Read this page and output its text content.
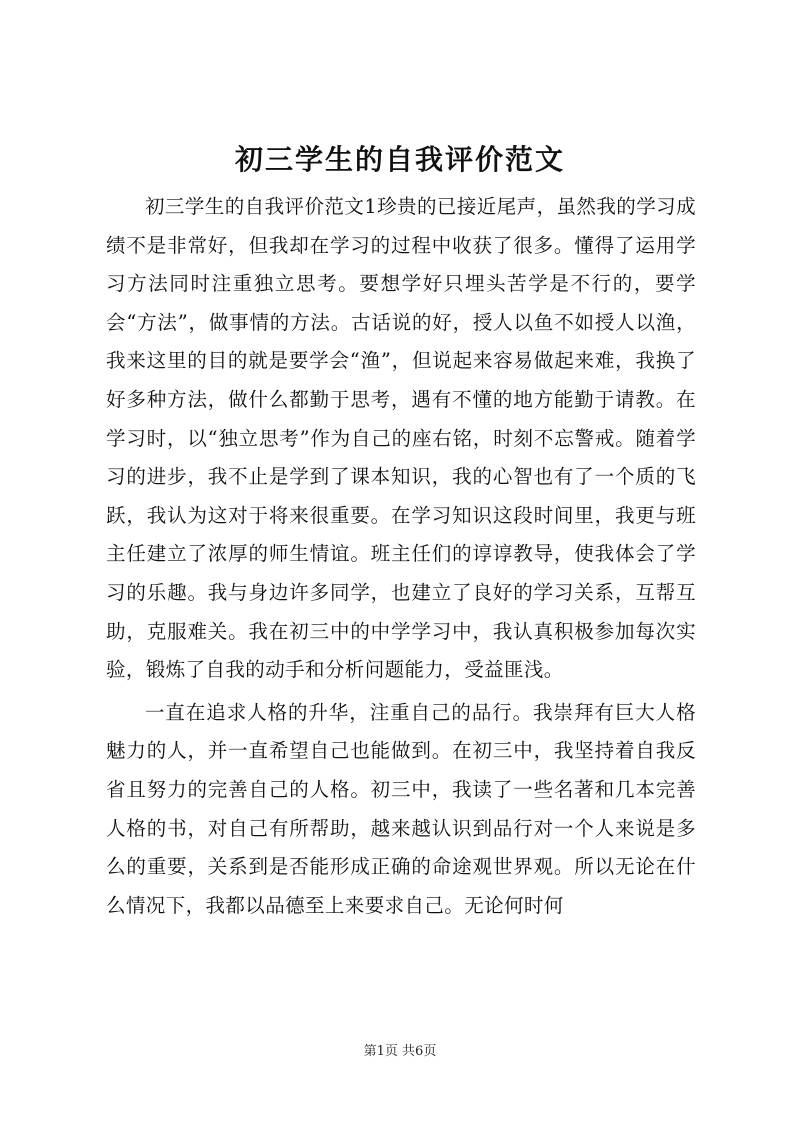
初三学生的自我评价范文

初三学生的自我评价范文1珍贵的已接近尾声，虽然我的学习成绩不是非常好，但我却在学习的过程中收获了很多。懂得了运用学习方法同时注重独立思考。要想学好只埋头苦学是不行的，要学会“方法”，做事情的方法。古话说的好，授人以鱼不如授人以渔，我来这里的目的就是要学会“渔”，但说起来容易做起来难，我换了好多种方法，做什么都勤于思考，遇有不懂的地方能勤于请教。在学习时，以“独立思考”作为自己的座右铭，时刻不忘警戒。随着学习的进步，我不止是学到了课本知识，我的心智也有了一个质的飞跃，我认为这对于将来很重要。在学习知识这段时间里，我更与班主任建立了浓厚的师生情谊。班主任们的谆谆教导，使我体会了学习的乐趣。我与身边许多同学，也建立了良好的学习关系，互帮互助，克服难关。我在初三中的中学学习中，我认真积极参加每次实验，锻炼了自我的动手和分析问题能力，受益匪浅。

一直在追求人格的升华，注重自己的品行。我崇拜有巨大人格魅力的人，并一直希望自己也能做到。在初三中，我坚持着自我反省且努力的完善自己的人格。初三中，我读了一些名著和几本完善人格的书，对自己有所帮助，越来越认识到品行对一个人来说是多么的重要，关系到是否能形成正确的命途观世界观。所以无论在什么情况下，我都以品德至上来要求自己。无论何时何

第1页 共6页
